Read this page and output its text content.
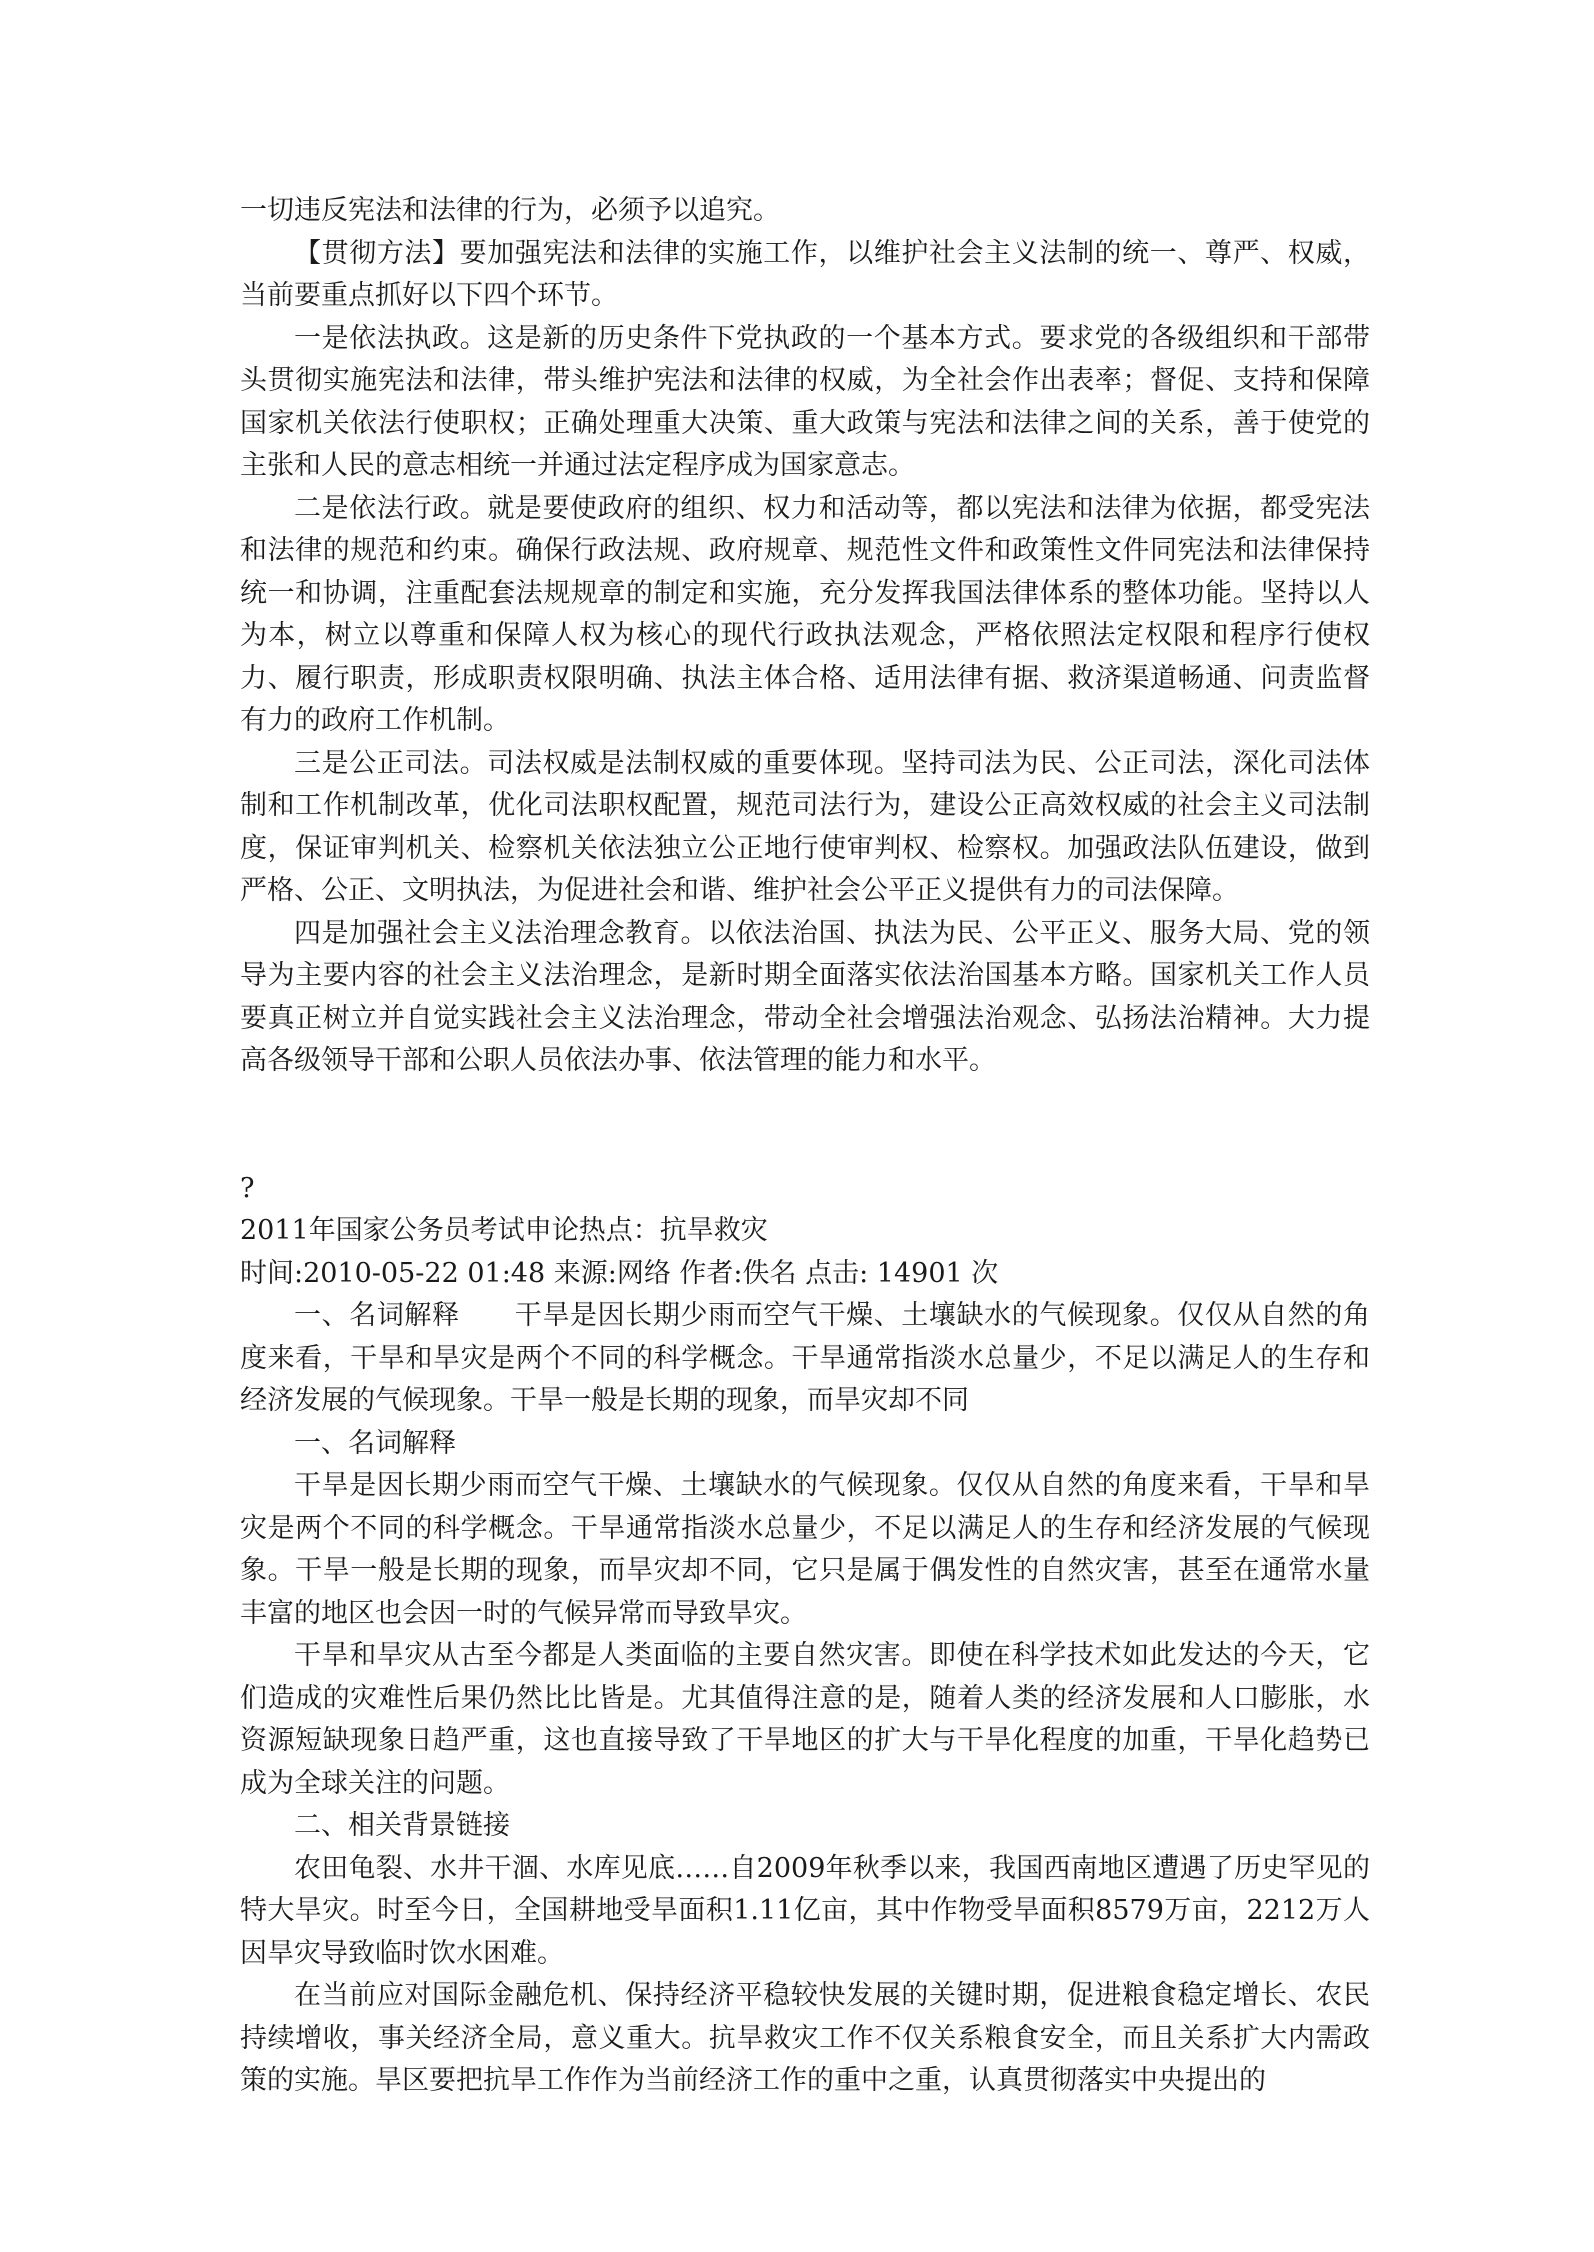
一切违反宪法和法律的行为，必须予以追究。

【贯彻方法】要加强宪法和法律的实施工作，以维护社会主义法制的统一、尊严、权威，当前要重点抓好以下四个环节。

一是依法执政。这是新的历史条件下党执政的一个基本方式。要求党的各级组织和干部带头贯彻实施宪法和法律，带头维护宪法和法律的权威，为全社会作出表率；督促、支持和保障国家机关依法行使职权；正确处理重大决策、重大政策与宪法和法律之间的关系，善于使党的主张和人民的意志相统一并通过法定程序成为国家意志。

二是依法行政。就是要使政府的组织、权力和活动等，都以宪法和法律为依据，都受宪法和法律的规范和约束。确保行政法规、政府规章、规范性文件和政策性文件同宪法和法律保持统一和协调，注重配套法规规章的制定和实施，充分发挥我国法律体系的整体功能。坚持以人为本，树立以尊重和保障人权为核心的现代行政执法观念，严格依照法定权限和程序行使权力、履行职责，形成职责权限明确、执法主体合格、适用法律有据、救济渠道畅通、问责监督有力的政府工作机制。

三是公正司法。司法权威是法制权威的重要体现。坚持司法为民、公正司法，深化司法体制和工作机制改革，优化司法职权配置，规范司法行为，建设公正高效权威的社会主义司法制度，保证审判机关、检察机关依法独立公正地行使审判权、检察权。加强政法队伍建设，做到严格、公正、文明执法，为促进社会和谐、维护社会公平正义提供有力的司法保障。

四是加强社会主义法治理念教育。以依法治国、执法为民、公平正义、服务大局、党的领导为主要内容的社会主义法治理念，是新时期全面落实依法治国基本方略。国家机关工作人员要真正树立并自觉实践社会主义法治理念，带动全社会增强法治观念、弘扬法治精神。大力提高各级领导干部和公职人员依法办事、依法管理的能力和水平。

?

2011年国家公务员考试申论热点：抗旱救灾

时间:2010-05-22 01:48 来源:网络 作者:佚名 点击: 14901 次

一、名词解释　　干旱是因长期少雨而空气干燥、土壤缺水的气候现象。仅仅从自然的角度来看，干旱和旱灾是两个不同的科学概念。干旱通常指淡水总量少，不足以满足人的生存和经济发展的气候现象。干旱一般是长期的现象，而旱灾却不同

一、名词解释

干旱是因长期少雨而空气干燥、土壤缺水的气候现象。仅仅从自然的角度来看，干旱和旱灾是两个不同的科学概念。干旱通常指淡水总量少，不足以满足人的生存和经济发展的气候现象。干旱一般是长期的现象，而旱灾却不同，它只是属于偶发性的自然灾害，甚至在通常水量丰富的地区也会因一时的气候异常而导致旱灾。

干旱和旱灾从古至今都是人类面临的主要自然灾害。即使在科学技术如此发达的今天，它们造成的灾难性后果仍然比比皆是。尤其值得注意的是，随着人类的经济发展和人口膨胀，水资源短缺现象日趋严重，这也直接导致了干旱地区的扩大与干旱化程度的加重，干旱化趋势已成为全球关注的问题。

二、相关背景链接

农田龟裂、水井干涸、水库见底……自2009年秋季以来，我国西南地区遭遇了历史罕见的特大旱灾。时至今日，全国耕地受旱面积1.11亿亩，其中作物受旱面积8579万亩，2212万人因旱灾导致临时饮水困难。

在当前应对国际金融危机、保持经济平稳较快发展的关键时期，促进粮食稳定增长、农民持续增收，事关经济全局，意义重大。抗旱救灾工作不仅关系粮食安全，而且关系扩大内需政策的实施。旱区要把抗旱工作作为当前经济工作的重中之重，认真贯彻落实中央提出的
